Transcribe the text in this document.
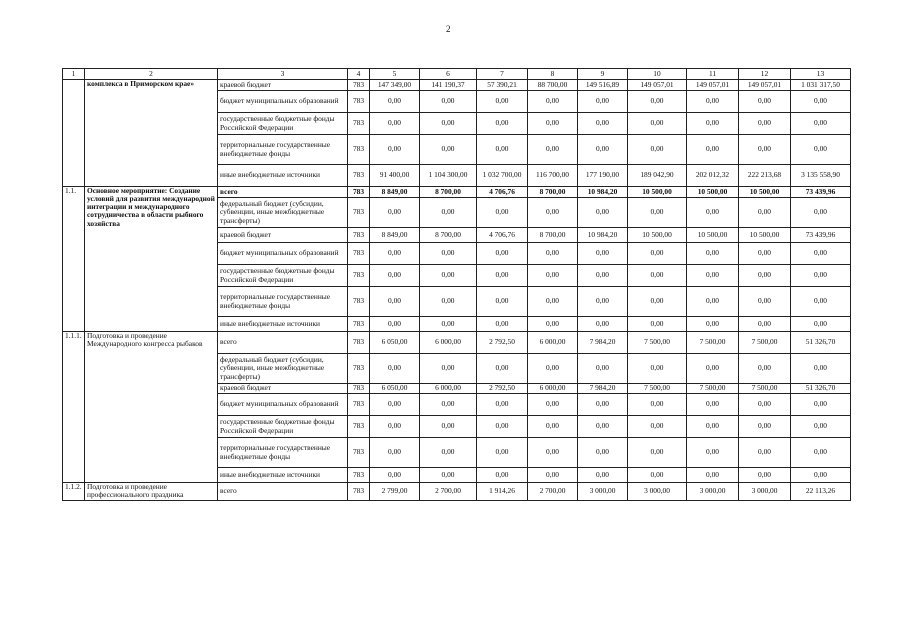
2
1	2	3	4	5	6	7	8	9	10	11	12	13
	комплекса в Приморском крае»	краевой бюджет	783	147 349,00	141 190,37	57 390,21	88 700,00	149 516,89	149 057,01	149 057,01	149 057,01	1 031 317,50
		бюджет муниципальных образований	783	0,00	0,00	0,00	0,00	0,00	0,00	0,00	0,00	0,00
		государственные бюджетные фонды Российской Федерации	783	0,00	0,00	0,00	0,00	0,00	0,00	0,00	0,00	0,00
		территориальные государственные внебюджетные фонды	783	0,00	0,00	0,00	0,00	0,00	0,00	0,00	0,00	0,00
		иные внебюджетные источники	783	91 400,00	1 104 300,00	1 032 700,00	116 700,00	177 190,00	189 042,90	202 012,32	222 213,68	3 135 558,90
1.1.	Основное мероприятие: Создание условий для развития международной интеграции и международного сотрудничества в области рыбного хозяйства	всего	783	8 849,00	8 700,00	4 706,76	8 700,00	10 984,20	10 500,00	10 500,00	10 500,00	73 439,96
		федеральный бюджет (субсидии, субвенции, иные межбюджетные трансферты)	783	0,00	0,00	0,00	0,00	0,00	0,00	0,00	0,00	0,00
		краевой бюджет	783	8 849,00	8 700,00	4 706,76	8 700,00	10 984,20	10 500,00	10 500,00	10 500,00	73 439,96
		бюджет муниципальных образований	783	0,00	0,00	0,00	0,00	0,00	0,00	0,00	0,00	0,00
		государственные бюджетные фонды Российской Федерации	783	0,00	0,00	0,00	0,00	0,00	0,00	0,00	0,00	0,00
		территориальные государственные внебюджетные фонды	783	0,00	0,00	0,00	0,00	0,00	0,00	0,00	0,00	0,00
		иные внебюджетные источники	783	0,00	0,00	0,00	0,00	0,00	0,00	0,00	0,00	0,00
1.1.1.	Подготовка и проведение Международного конгресса рыбаков	всего	783	6 050,00	6 000,00	2 792,50	6 000,00	7 984,20	7 500,00	7 500,00	7 500,00	51 326,70
		федеральный бюджет (субсидии, субвенции, иные межбюджетные трансферты)	783	0,00	0,00	0,00	0,00	0,00	0,00	0,00	0,00	0,00
		краевой бюджет	783	6 050,00	6 000,00	2 792,50	6 000,00	7 984,20	7 500,00	7 500,00	7 500,00	51 326,70
		бюджет муниципальных образований	783	0,00	0,00	0,00	0,00	0,00	0,00	0,00	0,00	0,00
		государственные бюджетные фонды Российской Федерации	783	0,00	0,00	0,00	0,00	0,00	0,00	0,00	0,00	0,00
		территориальные государственные внебюджетные фонды	783	0,00	0,00	0,00	0,00	0,00	0,00	0,00	0,00	0,00
		иные внебюджетные источники	783	0,00	0,00	0,00	0,00	0,00	0,00	0,00	0,00	0,00
1.1.2.	Подготовка и проведение профессионального праздника	всего	783	2 799,00	2 700,00	1 914,26	2 700,00	3 000,00	3 000,00	3 000,00	3 000,00	22 113,26
